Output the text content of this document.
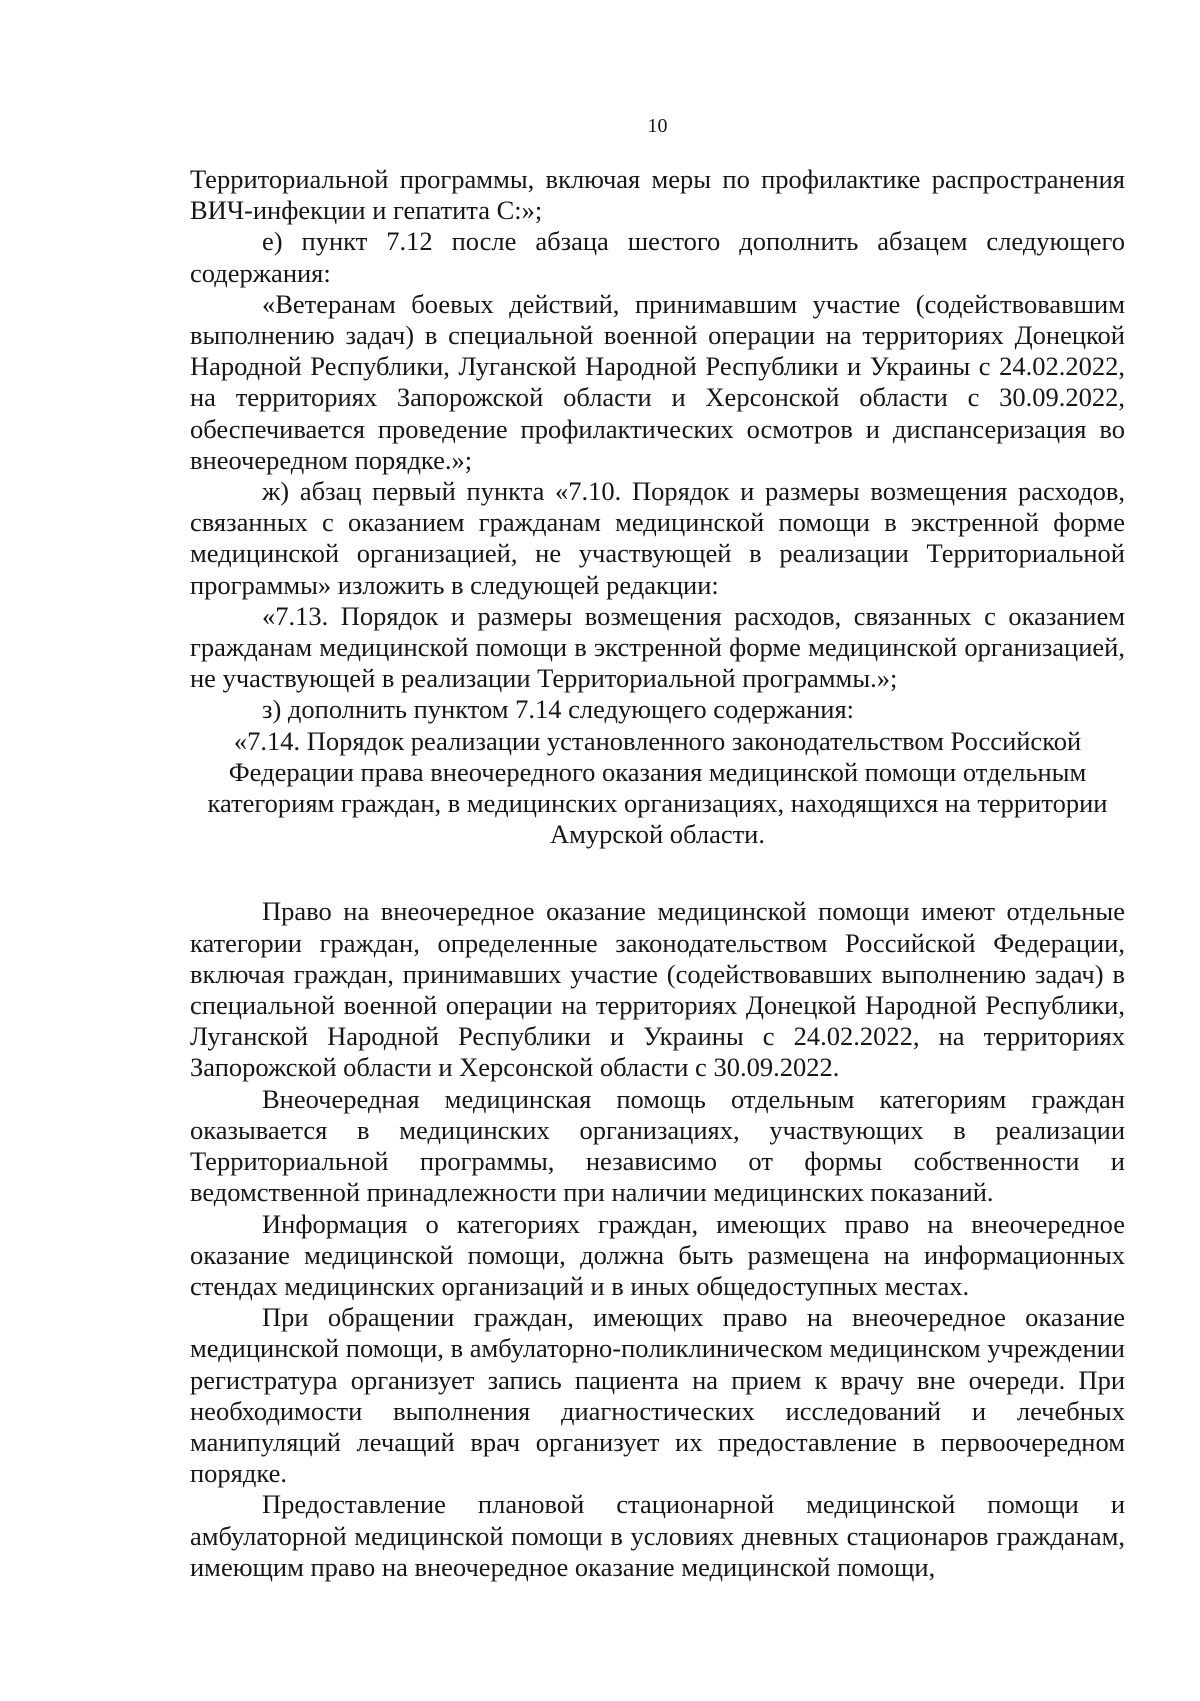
10

Территориальной программы, включая меры по профилактике распространения ВИЧ-инфекции и гепатита С:»;

е) пункт 7.12 после абзаца шестого дополнить абзацем следующего содержания:

«Ветеранам боевых действий, принимавшим участие (содействовавшим выполнению задач) в специальной военной операции на территориях Донецкой Народной Республики, Луганской Народной Республики и Украины с 24.02.2022, на территориях Запорожской области и Херсонской области с 30.09.2022, обеспечивается проведение профилактических осмотров и диспансеризация во внеочередном порядке.»;

ж) абзац первый пункта «7.10. Порядок и размеры возмещения расходов, связанных с оказанием гражданам медицинской помощи в экстренной форме медицинской организацией, не участвующей в реализации Территориальной программы» изложить в следующей редакции:

«7.13. Порядок и размеры возмещения расходов, связанных с оказанием гражданам медицинской помощи в экстренной форме медицинской организацией, не участвующей в реализации Территориальной программы.»;

з) дополнить пунктом 7.14 следующего содержания:

«7.14. Порядок реализации установленного законодательством Российской Федерации права внеочередного оказания медицинской помощи отдельным категориям граждан, в медицинских организациях, находящихся на территории Амурской области.

Право на внеочередное оказание медицинской помощи имеют отдельные категории граждан, определенные законодательством Российской Федерации, включая граждан, принимавших участие (содействовавших выполнению задач) в специальной военной операции на территориях Донецкой Народной Республики, Луганской Народной Республики и Украины с 24.02.2022, на территориях Запорожской области и Херсонской области с 30.09.2022.

Внеочередная медицинская помощь отдельным категориям граждан оказывается в медицинских организациях, участвующих в реализации Территориальной программы, независимо от формы собственности и ведомственной принадлежности при наличии медицинских показаний.

Информация о категориях граждан, имеющих право на внеочередное оказание медицинской помощи, должна быть размещена на информационных стендах медицинских организаций и в иных общедоступных местах.

При обращении граждан, имеющих право на внеочередное оказание медицинской помощи, в амбулаторно-поликлиническом медицинском учреждении регистратура организует запись пациента на прием к врачу вне очереди. При необходимости выполнения диагностических исследований и лечебных манипуляций лечащий врач организует их предоставление в первоочередном порядке.

Предоставление плановой стационарной медицинской помощи и амбулаторной медицинской помощи в условиях дневных стационаров гражданам, имеющим право на внеочередное оказание медицинской помощи,
